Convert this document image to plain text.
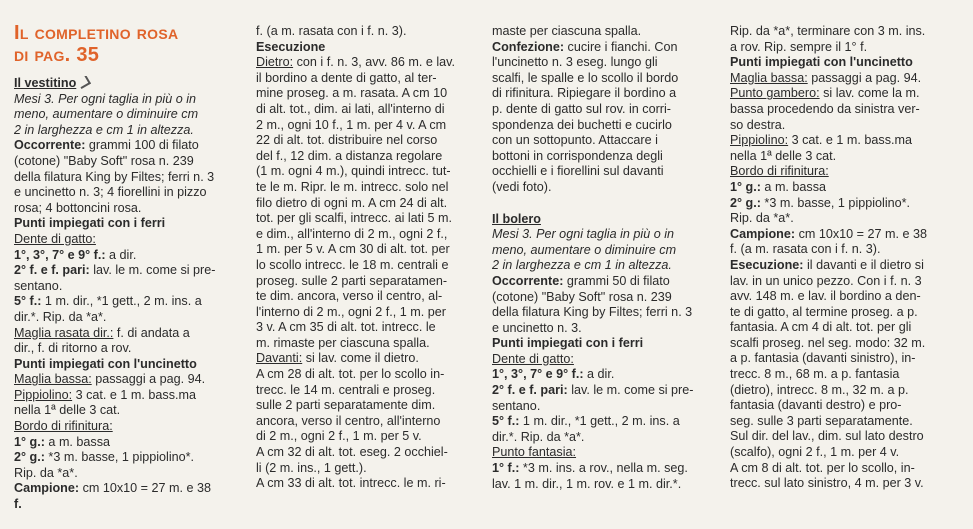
Il completino rosa
di pag. 35
Il vestitino
Mesi 3. Per ogni taglia in più o in
meno, aumentare o diminuire cm
2 in larghezza e cm 1 in altezza.
Occorrente: grammi 100 di filato
(cotone) "Baby Soft" rosa n. 239
della filatura King by Filtes; ferri n. 3
e uncinetto n. 3; 4 fiorellini in pizzo
rosa; 4 bottoncini rosa.
Punti impiegati con i ferri
Dente di gatto:
1°, 3°, 7° e 9° f.: a dir.
2° f. e f. pari: lav. le m. come si pre-
sentano.
5° f.: 1 m. dir., *1 gett., 2 m. ins. a
dir.*. Rip. da *a*.
Maglia rasata dir.: f. di andata a
dir., f. di ritorno a rov.
Punti impiegati con l'uncinetto
Maglia bassa: passaggi a pag. 94.
Pippiolino: 3 cat. e 1 m. bass.ma
nella 1ª delle 3 cat.
Bordo di rifinitura:
1° g.: a m. bassa
2° g.: *3 m. basse, 1 pippiolino*.
Rip. da *a*.
Campione: cm 10x10 = 27 m. e 38
f.
f. (a m. rasata con i f. n. 3).
Esecuzione
Dietro: con i f. n. 3, avv. 86 m. e lav.
il bordino a dente di gatto, al ter-
mine proseg. a m. rasata. A cm 10
di alt. tot., dim. ai lati, all'interno di
2 m., ogni 10 f., 1 m. per 4 v. A cm
22 di alt. tot. distribuire nel corso
del f., 12 dim. a distanza regolare
(1 m. ogni 4 m.), quindi intrecc. tut-
te le m. Ripr. le m. intrecc. solo nel
filo dietro di ogni m. A cm 24 di alt.
tot. per gli scalfi, intrecc. ai lati 5 m.
e dim., all'interno di 2 m., ogni 2 f.,
1 m. per 5 v. A cm 30 di alt. tot. per
lo scollo intrecc. le 18 m. centrali e
proseg. sulle 2 parti separatamen-
te dim. ancora, verso il centro, al-
l'interno di 2 m., ogni 2 f., 1 m. per
3 v. A cm 35 di alt. tot. intrecc. le
m. rimaste per ciascuna spalla.
Davanti: si lav. come il dietro.
A cm 28 di alt. tot. per lo scollo in-
trecc. le 14 m. centrali e proseg.
sulle 2 parti separatamente dim.
ancora, verso il centro, all'interno
di 2 m., ogni 2 f., 1 m. per 5 v.
A cm 32 di alt. tot. eseg. 2 occhiel-
li (2 m. ins., 1 gett.).
A cm 33 di alt. tot. intrecc. le m. ri-
maste per ciascuna spalla.
Confezione: cucire i fianchi. Con
l'uncinetto n. 3 eseg. lungo gli
scalfi, le spalle e lo scollo il bordo
di rifinitura. Ripiegare il bordino a
p. dente di gatto sul rov. in corri-
spondenza dei buchetti e cucirlo
con un sottopunto. Attaccare i
bottoni in corrispondenza degli
occhielli e i fiorellini sul davanti
(vedi foto).
Il bolero
Mesi 3. Per ogni taglia in più o in
meno, aumentare o diminuire cm
2 in larghezza e cm 1 in altezza.
Occorrente: grammi 50 di filato
(cotone) "Baby Soft" rosa n. 239
della filatura King by Filtes; ferri n. 3
e uncinetto n. 3.
Punti impiegati con i ferri
Dente di gatto:
1°, 3°, 7° e 9° f.: a dir.
2° f. e f. pari: lav. le m. come si pre-
sentano.
5° f.: 1 m. dir., *1 gett., 2 m. ins. a
dir.*. Rip. da *a*.
Punto fantasia:
1° f.: *3 m. ins. a rov., nella m. seg.
lav. 1 m. dir., 1 m. rov. e 1 m. dir.*.
Rip. da *a*, terminare con 3 m. ins.
a rov. Rip. sempre il 1° f.
Punti impiegati con l'uncinetto
Maglia bassa: passaggi a pag. 94.
Punto gambero: si lav. come la m.
bassa procedendo da sinistra ver-
so destra.
Pippiolino: 3 cat. e 1 m. bass.ma
nella 1ª delle 3 cat.
Bordo di rifinitura:
1° g.: a m. bassa
2° g.: *3 m. basse, 1 pippiolino*.
Rip. da *a*.
Campione: cm 10x10 = 27 m. e 38
f. (a m. rasata con i f. n. 3).
Esecuzione: il davanti e il dietro si
lav. in un unico pezzo. Con i f. n. 3
avv. 148 m. e lav. il bordino a den-
te di gatto, al termine proseg. a p.
fantasia. A cm 4 di alt. tot. per gli
scalfi proseg. nel seg. modo: 32 m.
a p. fantasia (davanti sinistro), in-
trecc. 8 m., 68 m. a p. fantasia
(dietro), intrecc. 8 m., 32 m. a p.
fantasia (davanti destro) e pro-
seg. sulle 3 parti separatamente.
Sul dir. del lav., dim. sul lato destro
(scalfo), ogni 2 f., 1 m. per 4 v.
A cm 8 di alt. tot. per lo scollo, in-
trecc. sul lato sinistro, 4 m. per 3 v.
